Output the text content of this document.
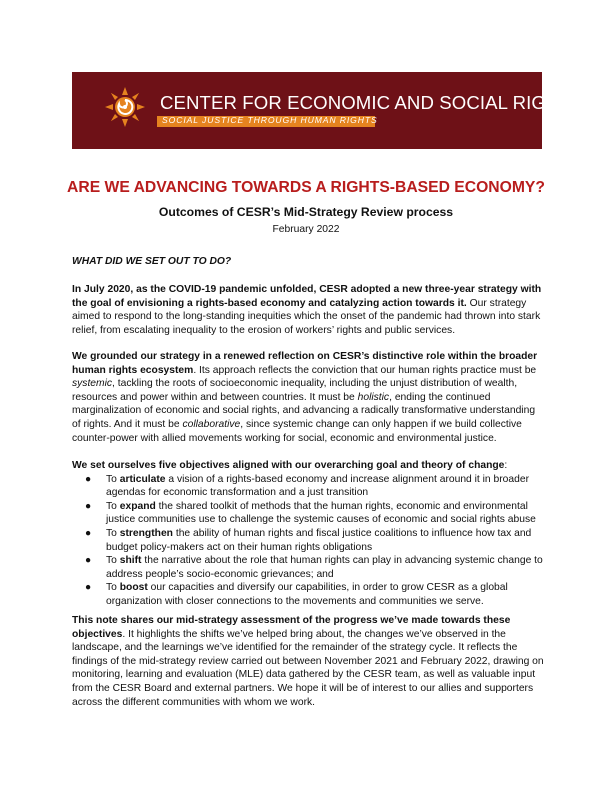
CENTER FOR ECONOMIC AND SOCIAL RIGHTS
SOCIAL JUSTICE THROUGH HUMAN RIGHTS
ARE WE ADVANCING TOWARDS A RIGHTS-BASED ECONOMY?
Outcomes of CESR’s Mid-Strategy Review process
February 2022
WHAT DID WE SET OUT TO DO?

In July 2020, as the COVID-19 pandemic unfolded, CESR adopted a new three-year strategy with the goal of envisioning a rights-based economy and catalyzing action towards it. Our strategy aimed to respond to the long-standing inequities which the onset of the pandemic had thrown into stark relief, from escalating inequality to the erosion of workers’ rights and public services.

We grounded our strategy in a renewed reflection on CESR’s distinctive role within the broader human rights ecosystem. Its approach reflects the conviction that our human rights practice must be systemic, tackling the roots of socioeconomic inequality, including the unjust distribution of wealth, resources and power within and between countries. It must be holistic, ending the continued marginalization of economic and social rights, and advancing a radically transformative understanding of rights. And it must be collaborative, since systemic change can only happen if we build collective counter-power with allied movements working for social, economic and environmental justice.

We set ourselves five objectives aligned with our overarching goal and theory of change:

● To articulate a vision of a rights-based economy and increase alignment around it in broader agendas for economic transformation and a just transition
● To expand the shared toolkit of methods that the human rights, economic and environmental justice communities use to challenge the systemic causes of economic and social rights abuse
● To strengthen the ability of human rights and fiscal justice coalitions to influence how tax and budget policy-makers act on their human rights obligations
● To shift the narrative about the role that human rights can play in advancing systemic change to address people’s socio-economic grievances; and
● To boost our capacities and diversify our capabilities, in order to grow CESR as a global organization with closer connections to the movements and communities we serve.

This note shares our mid-strategy assessment of the progress we’ve made towards these objectives. It highlights the shifts we’ve helped bring about, the changes we’ve observed in the landscape, and the learnings we’ve identified for the remainder of the strategy cycle. It reflects the findings of the mid-strategy review carried out between November 2021 and February 2022, drawing on monitoring, learning and evaluation (MLE) data gathered by the CESR team, as well as valuable input from the CESR Board and external partners. We hope it will be of interest to our allies and supporters across the different communities with whom we work.
